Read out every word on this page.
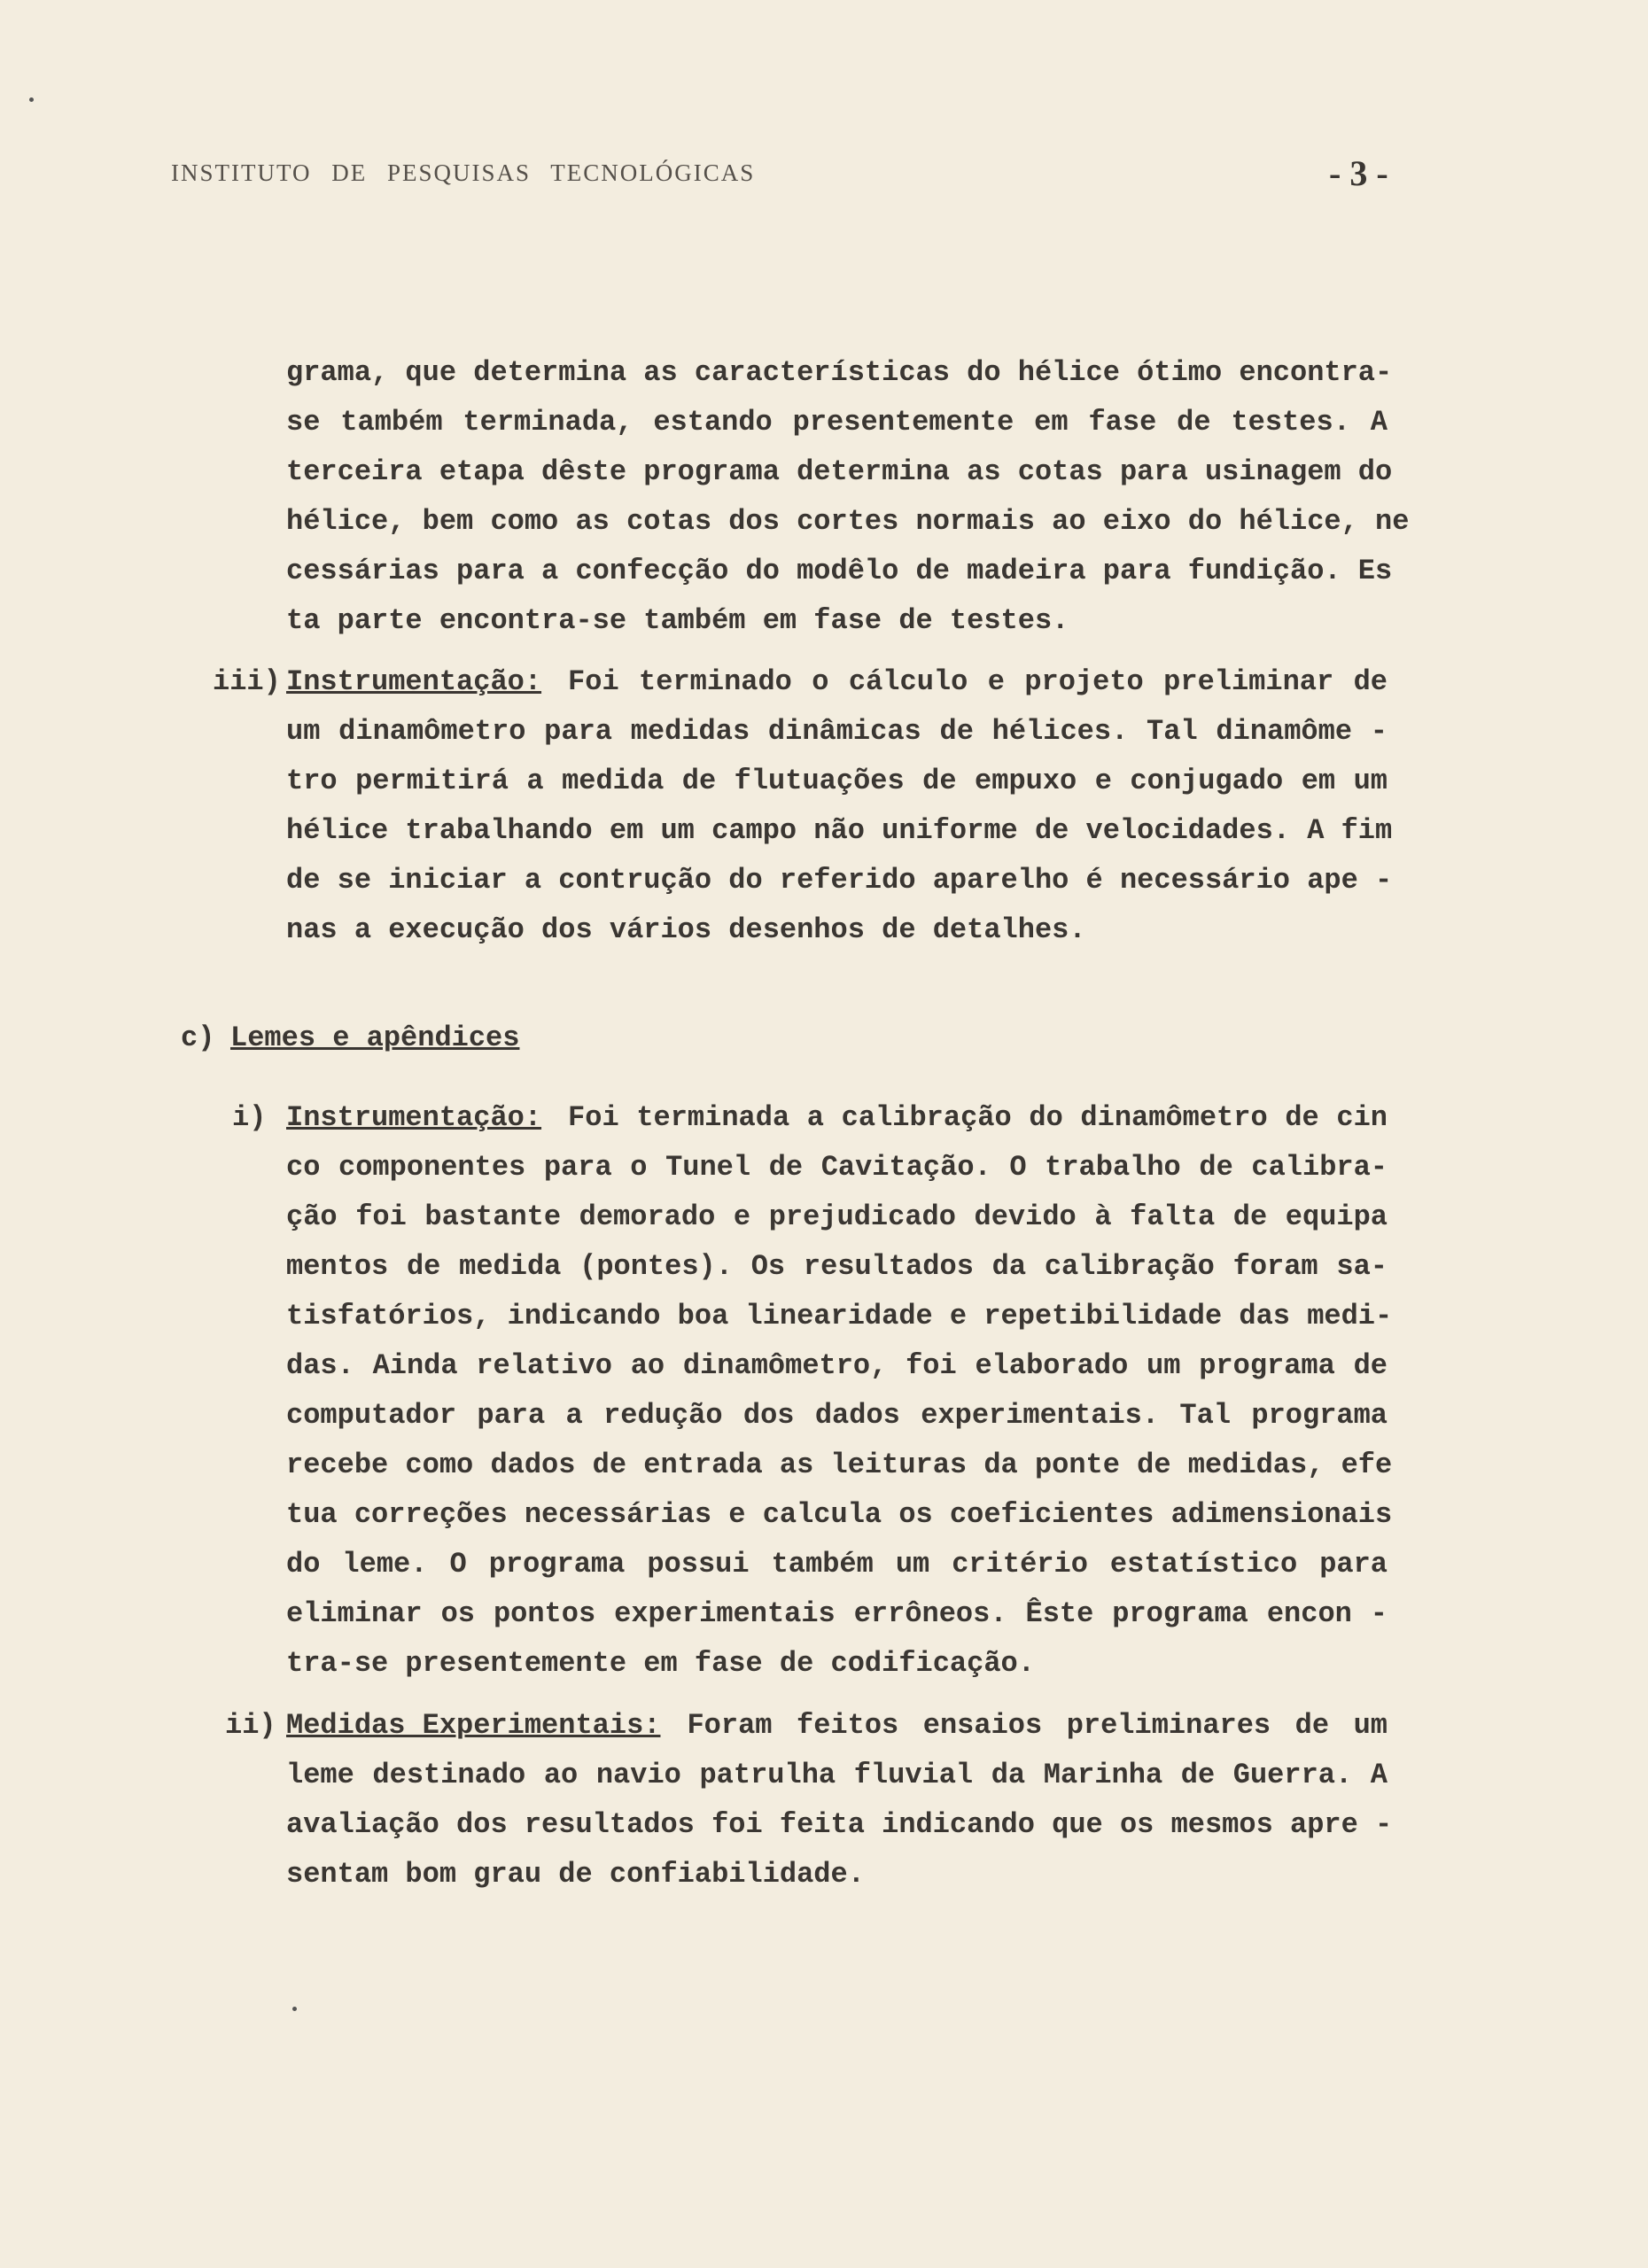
INSTITUTO DE PESQUISAS TECNOLÓGICAS	- 3 -
grama, que determina as características do hélice ótimo encontra-
se também terminada, estando presentemente em fase de testes. A
terceira etapa dêste programa determina as cotas para usinagem do
hélice, bem como as cotas dos cortes normais ao eixo do hélice, ne
cessárias para a confecção do modêlo de madeira para fundição. Es
ta parte encontra-se também em fase de testes.
iii) Instrumentação: Foi terminado o cálculo e projeto preliminar de
um dinamômetro para medidas dinâmicas de hélices. Tal dinamôme -
tro permitirá a medida de flutuações de empuxo e conjugado em um
hélice trabalhando em um campo não uniforme de velocidades. A fim
de se iniciar a contrução do referido aparelho é necessário ape -
nas a execução dos vários desenhos de detalhes.
c) Lemes e apêndices
i) Instrumentação: Foi terminada a calibração do dinamômetro de cin
co componentes para o Tunel de Cavitação. O trabalho de calibra-
ção foi bastante demorado e prejudicado devido à falta de equipa
mentos de medida (pontes). Os resultados da calibração foram sa-
tisfatórios, indicando boa linearidade e repetibilidade das medi-
das. Ainda relativo ao dinamômetro, foi elaborado um programa de
computador para a redução dos dados experimentais. Tal programa
recebe como dados de entrada as leituras da ponte de medidas, efe
tua correções necessárias e calcula os coeficientes adimensionais
do leme. O programa possui também um critério estatístico para
eliminar os pontos experimentais errôneos. Êste programa encon -
tra-se presentemente em fase de codificação.
ii) Medidas Experimentais: Foram feitos ensaios preliminares de um
leme destinado ao navio patrulha fluvial da Marinha de Guerra. A
avaliação dos resultados foi feita indicando que os mesmos apre -
sentam bom grau de confiabilidade.
